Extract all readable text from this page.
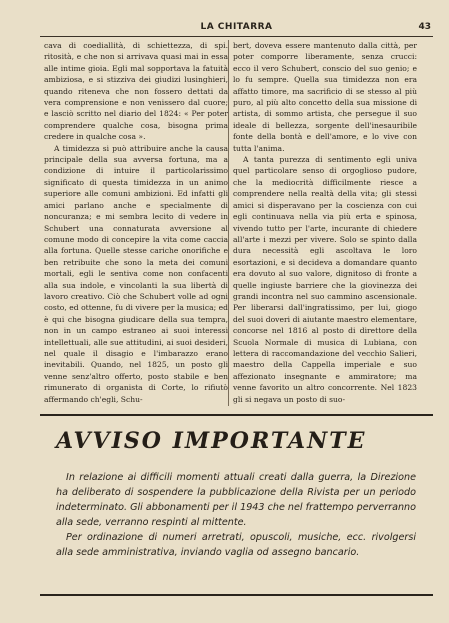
LA CHITARRA	43

cava di coediallità, di schiettezza, di spi. ritosità, e che non si arrivava quasi mai in essa alle intime gioia. Egli mal sopportava la fatuità ambiziosa, e si stizziva dei giudizi lusinghieri, quando riteneva che non fossero dettati da vera comprensione e non venissero dal cuore; e lasciò scritto nel diario del 1824: « Per poter comprendere qualche cosa, bisogna prima credere in qualche cosa ».

A timidezza si può attribuire anche la causa principale della sua avversa fortuna, ma a condizione di intuire il particolarissimo significato di questa timidezza in un animo superiore alle comuni ambizioni. Ed infatti gli amici parlano anche e specialmente di noncuranza; e mi sembra lecito di vedere in Schubert una connaturata avversione al comune modo di concepire la vita come caccia alla fortuna. Quelle stesse cariche onorifiche e ben retribuite che sono la meta dei comuni mortali, egli le sentiva come non confacenti alla sua indole, e vincolanti la sua libertà di lavoro creativo. Ciò che Schubert volle ad ogni costo, ed ottenne, fu di vivere per la musica; ed è qui che bisogna giudicare della sua tempra, non in un campo estraneo ai suoi interessi intellettuali, alle sue attitudini, ai suoi desideri, nel quale il disagio e l'imbarazzo erano inevitabili. Quando, nel 1825, un posto gli venne senz'altro offerto, posto stabile e ben rimunerato di organista di Corte, lo rifiutò affermando ch'egli, Schu-

bert, doveva essere mantenuto dalla città, per poter comporre liberamente, senza crucci: ecco il vero Schubert, conscio del suo genio; e lo fu sempre. Quella sua timidezza non era affatto timore, ma sacrificio di se stesso al più puro, al più alto concetto della sua missione di artista, di sommo artista, che persegue il suo ideale di bellezza, sorgente dell'inesauribile fonte della bontà e dell'amore, e lo vive con tutta l'anima.

A tanta purezza di sentimento egli univa quel particolare senso di orgoglioso pudore, che la mediocrità difficilmente riesce a comprendere nella realtà della vita; gli stessi amici si disperavano per la coscienza con cui egli continuava nella via più erta e spinosa, vivendo tutto per l'arte, incurante di chiedere all'arte i mezzi per vivere. Solo se spinto dalla dura necessità egli ascoltava le loro esortazioni, e si decideva a domandare quanto era dovuto al suo valore, dignitoso di fronte a quelle ingiuste barriere che la giovinezza dei grandi incontra nel suo cammino ascensionale. Per liberarsi dall'ingratissimo, per lui, giogo del suoi doveri di aiutante maestro elementare, concorse nel 1816 al posto di direttore della Scuola Normale di musica di Lubiana, con lettera di raccomandazione del vecchio Salieri, maestro della Cappella imperiale e suo affezionato insegnante e ammiratore; ma venne favorito un altro concorrente. Nel 1823 gli si negava un posto di suo-

AVVISO IMPORTANTE

In relazione ai difficili momenti attuali creati dalla guerra, la Direzione ha deliberato di sospendere la pubblicazione della Rivista per un periodo indeterminato. Gli abbonamenti per il 1943 che nel frattempo perverranno alla sede, verranno respinti al mittente.

Per ordinazione di numeri arretrati, opuscoli, musiche, ecc. rivolgersi alla sede amministrativa, inviando vaglia od assegno bancario.
